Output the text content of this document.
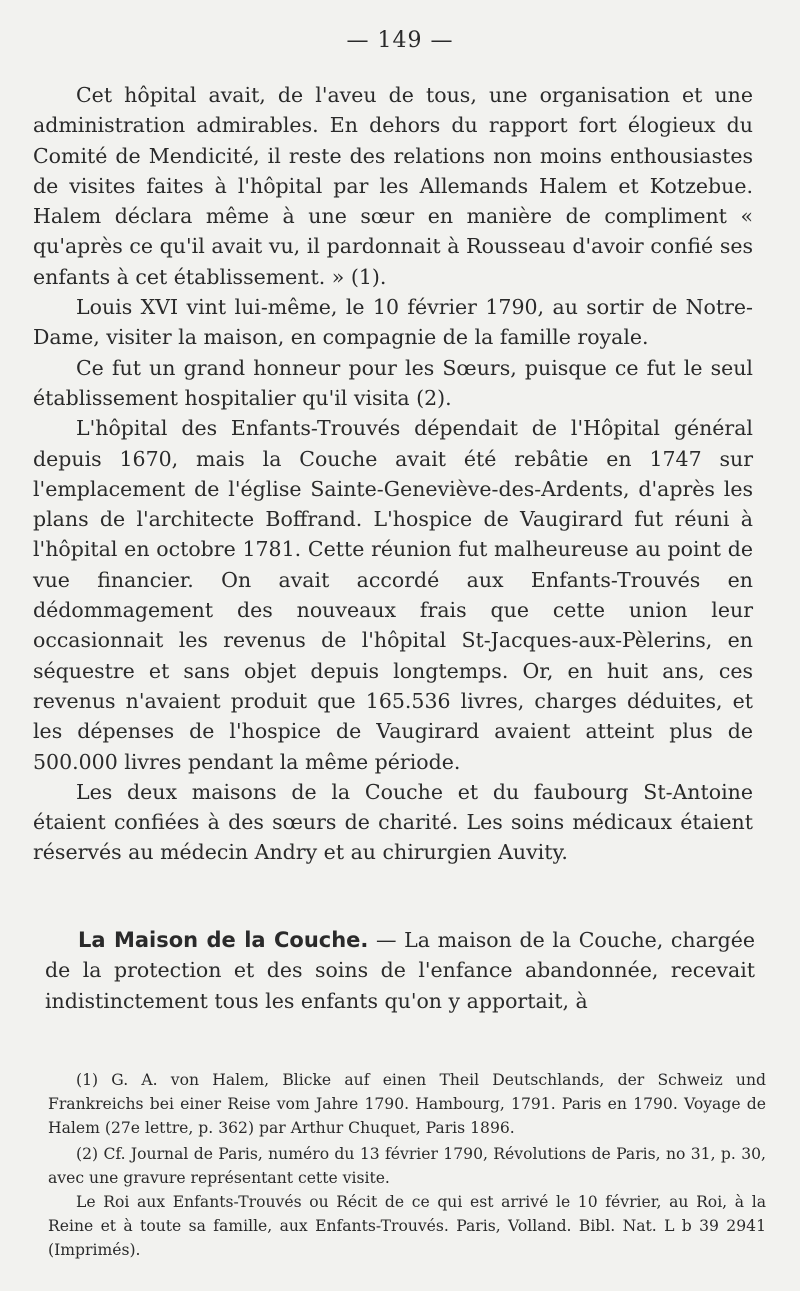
— 149 —

Cet hôpital avait, de l'aveu de tous, une organisation et une administration admirables. En dehors du rapport fort élogieux du Comité de Mendicité, il reste des relations non moins enthousiastes de visites faites à l'hôpital par les Allemands Halem et Kotzebue. Halem déclara même à une sœur en manière de compliment « qu'après ce qu'il avait vu, il pardonnait à Rousseau d'avoir confié ses enfants à cet établissement. » (1).

Louis XVI vint lui-même, le 10 février 1790, au sortir de Notre-Dame, visiter la maison, en compagnie de la famille royale.

Ce fut un grand honneur pour les Sœurs, puisque ce fut le seul établissement hospitalier qu'il visita (2).

L'hôpital des Enfants-Trouvés dépendait de l'Hôpital général depuis 1670, mais la Couche avait été rebâtie en 1747 sur l'emplacement de l'église Sainte-Geneviève-des-Ardents, d'après les plans de l'architecte Boffrand. L'hospice de Vaugirard fut réuni à l'hôpital en octobre 1781. Cette réunion fut malheureuse au point de vue financier. On avait accordé aux Enfants-Trouvés en dédommagement des nouveaux frais que cette union leur occasionnait les revenus de l'hôpital St-Jacques-aux-Pèlerins, en séquestre et sans objet depuis longtemps. Or, en huit ans, ces revenus n'avaient produit que 165.536 livres, charges déduites, et les dépenses de l'hospice de Vaugirard avaient atteint plus de 500.000 livres pendant la même période.

Les deux maisons de la Couche et du faubourg St-Antoine étaient confiées à des sœurs de charité. Les soins médicaux étaient réservés au médecin Andry et au chirurgien Auvity.

La Maison de la Couche. — La maison de la Couche, chargée de la protection et des soins de l'enfance abandonnée, recevait indistinctement tous les enfants qu'on y apportait, à

(1) G. A. von Halem, Blicke auf einen Theil Deutschlands, der Schweiz und Frankreichs bei einer Reise vom Jahre 1790. Hambourg, 1791. Paris en 1790. Voyage de Halem (27e lettre, p. 362) par Arthur Chuquet, Paris 1896.

(2) Cf. Journal de Paris, numéro du 13 février 1790, Révolutions de Paris, no 31, p. 30, avec une gravure représentant cette visite.

Le Roi aux Enfants-Trouvés ou Récit de ce qui est arrivé le 10 février, au Roi, à la Reine et à toute sa famille, aux Enfants-Trouvés. Paris, Volland. Bibl. Nat. L b 39 2941 (Imprimés).
